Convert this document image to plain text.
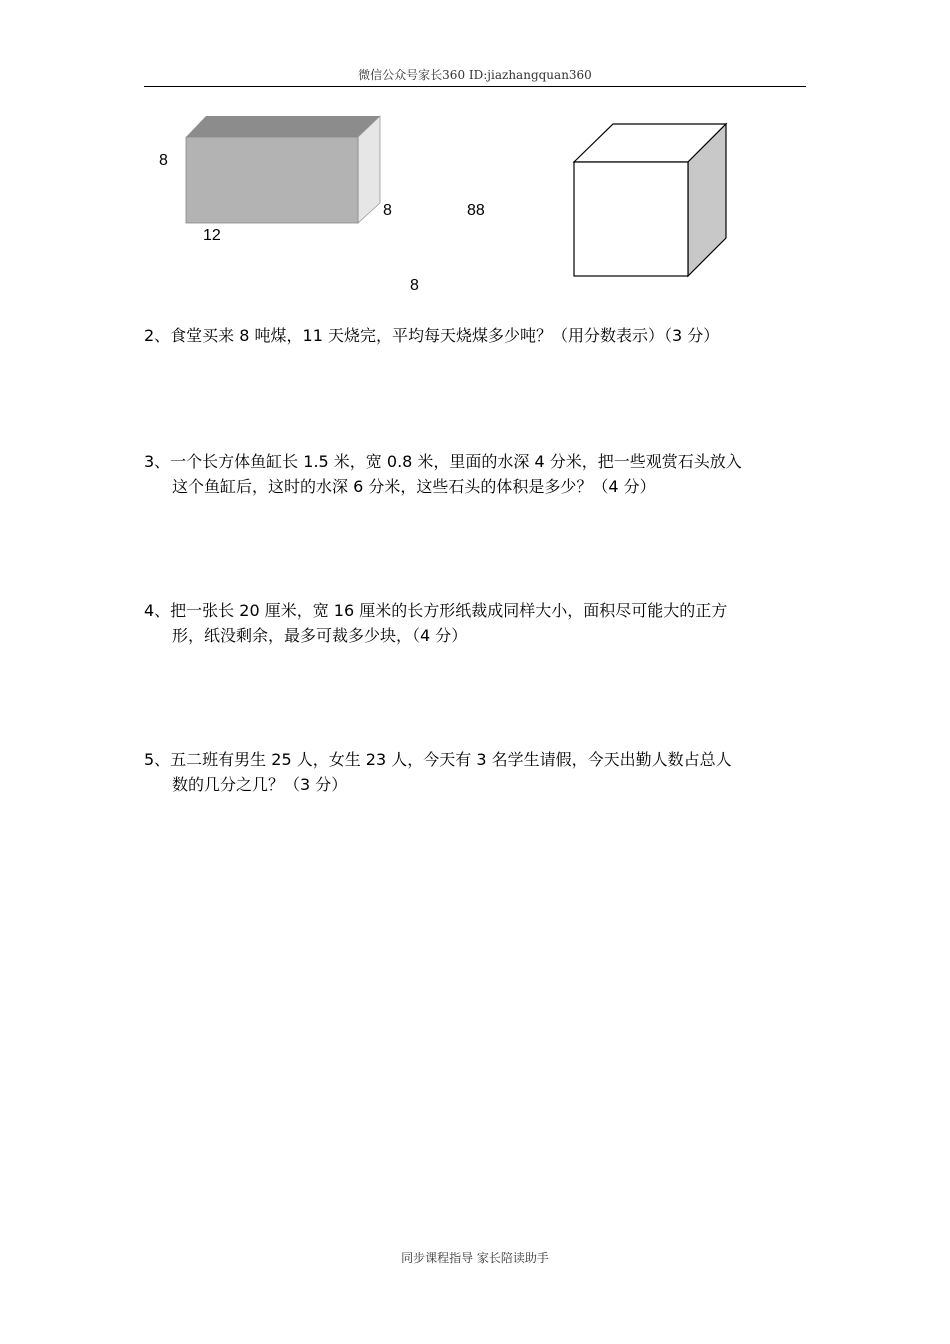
微信公众号家长360 ID:jiazhangquan360
8
8
12
88
8
2、食堂买来 8 吨煤，11 天烧完，平均每天烧煤多少吨？（用分数表示）（3 分）
3、一个长方体鱼缸长 1.5 米，宽 0.8 米，里面的水深 4 分米，把一些观赏石头放入
这个鱼缸后，这时的水深 6 分米，这些石头的体积是多少？（4 分）
4、把一张长 20 厘米，宽 16 厘米的长方形纸裁成同样大小，面积尽可能大的正方
形，纸没剩余，最多可裁多少块，（4 分）
5、五二班有男生 25 人，女生 23 人，今天有 3 名学生请假，今天出勤人数占总人
数的几分之几？（3 分）
同步课程指导 家长陪读助手
